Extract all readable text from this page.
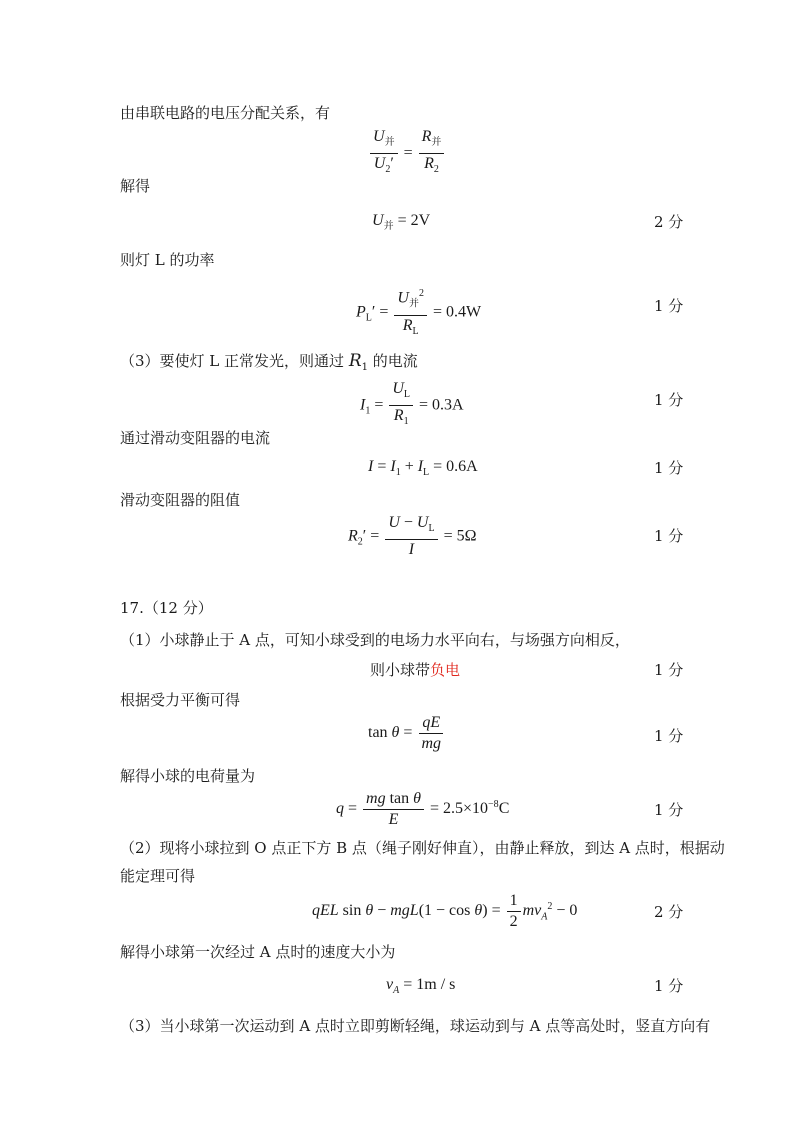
由串联电路的电压分配关系，有
$\frac{U_并}{U_2'} = \frac{R_并}{R_2}$
解得
$U_并 = 2V$	2 分
则灯 L 的功率
$P_L' = \frac{U_并^2}{R_L} = 0.4W$	1 分
（3）要使灯 L 正常发光，则通过 $R_1$ 的电流
$I_1 = \frac{U_L}{R_1} = 0.3A$	1 分
通过滑动变阻器的电流
$I = I_1 + I_L = 0.6A$	1 分
滑动变阻器的阻值
$R_2' = \frac{U - U_L}{I} = 5\Omega$	1 分
17.（12 分）
（1）小球静止于 A 点，可知小球受到的电场力水平向右，与场强方向相反，
则小球带负电	1 分
根据受力平衡可得
$\tan \theta = \frac{qE}{mg}$	1 分
解得小球的电荷量为
$q = \frac{\text{mg tan θ}}{E} = 2.5\times 10^{-8}C$	1 分
（2）现将小球拉到 O 点正下方 B 点（绳子刚好伸直），由静止释放，到达 A 点时，根据动
能定理可得
qEL $\sin \theta - mgL(1 - \cos \theta) = \frac{1}{2} mv_A^2 - 0$	2 分
解得小球第一次经过 A 点时的速度大小为
$v_A = 1m / s$	1 分
（3）当小球第一次运动到 A 点时立即剪断轻绳，球运动到与 A 点等高处时，竖直方向有
